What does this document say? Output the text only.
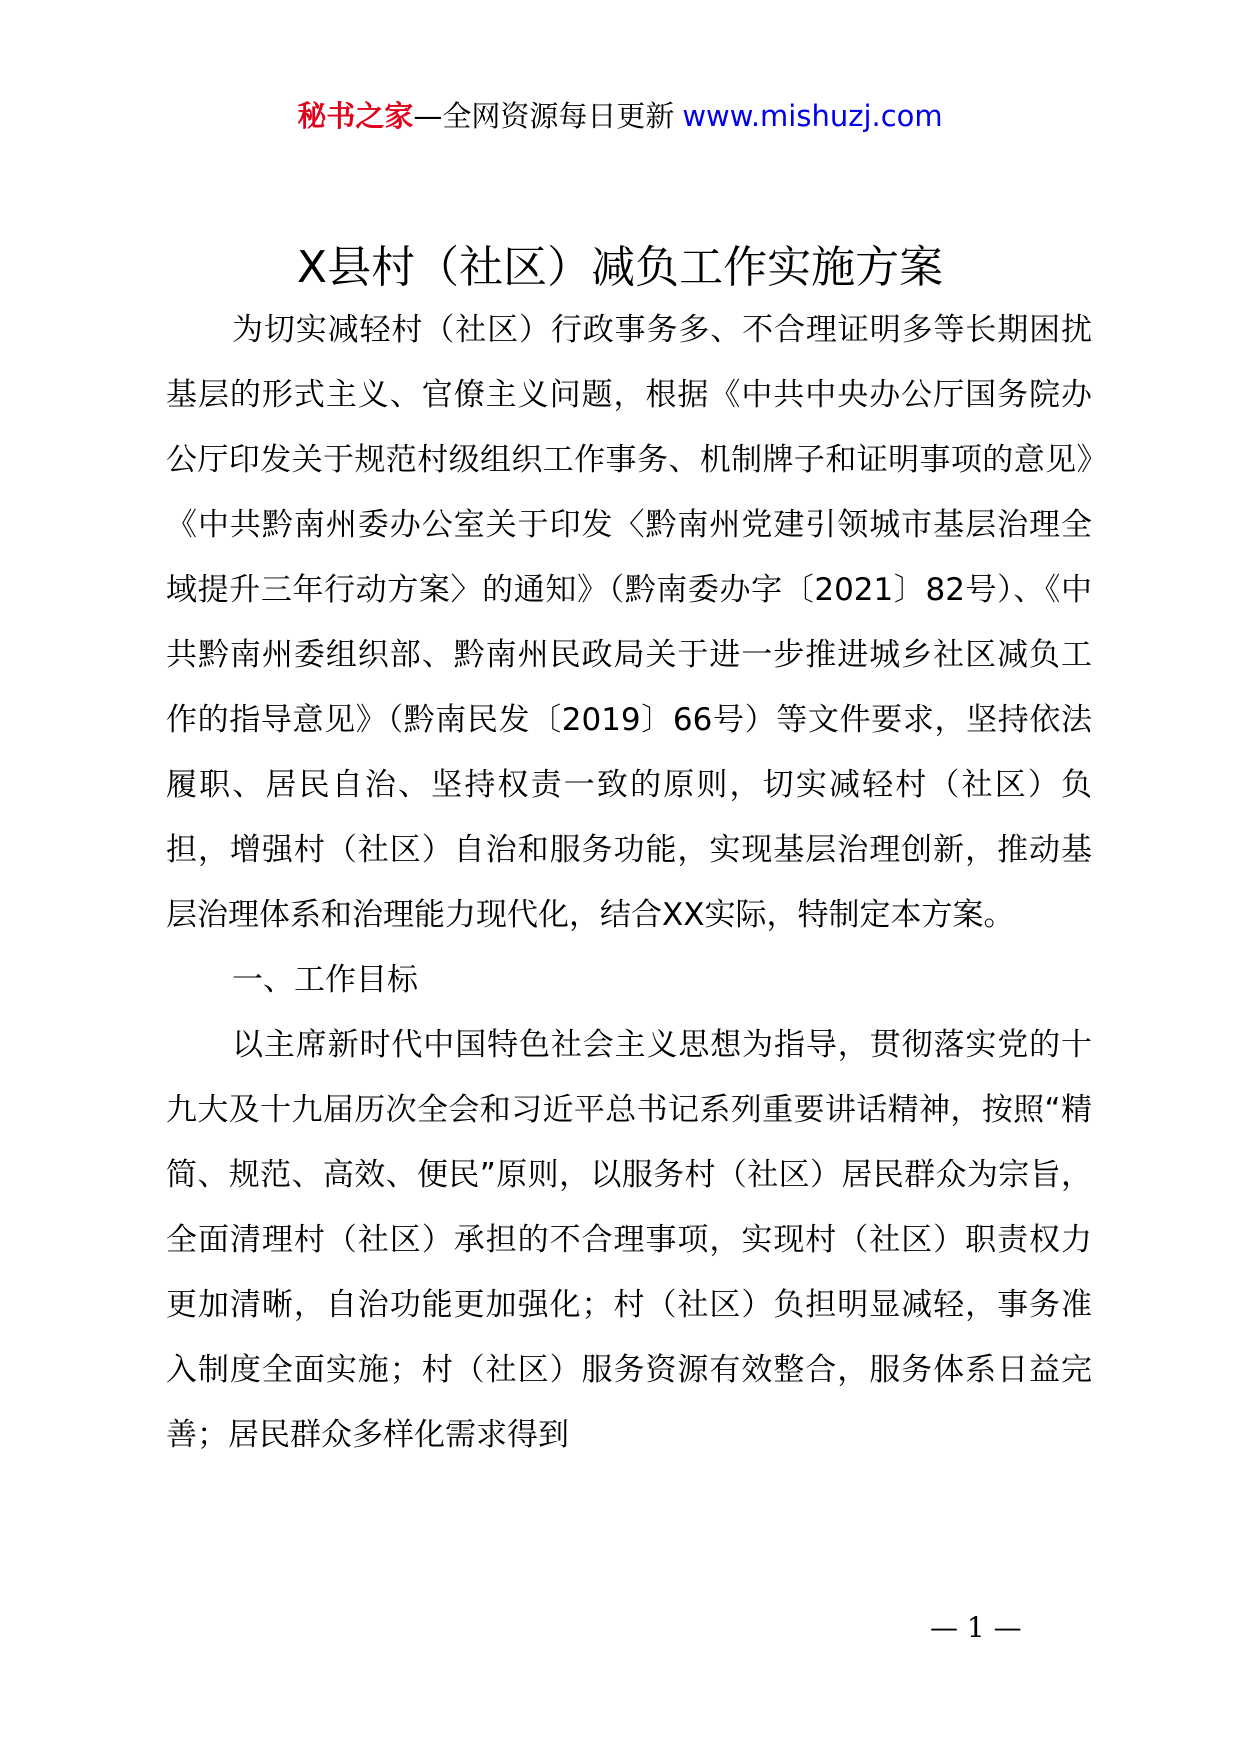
秘书之家—全网资源每日更新 www.mishuzj.com
X县村（社区）减负工作实施方案

为切实减轻村（社区）行政事务多、不合理证明多等长期困扰基层的形式主义、官僚主义问题，根据《中共中央办公厅国务院办公厅印发关于规范村级组织工作事务、机制牌子和证明事项的意见》《中共黔南州委办公室关于印发〈黔南州党建引领城市基层治理全域提升三年行动方案〉的通知》（黔南委办字〔2021〕82号）、《中共黔南州委组织部、黔南州民政局关于进一步推进城乡社区减负工作的指导意见》（黔南民发〔2019〕66号）等文件要求，坚持依法履职、居民自治、坚持权责一致的原则，切实减轻村（社区）负担，增强村（社区）自治和服务功能，实现基层治理创新，推动基层治理体系和治理能力现代化，结合XX实际，特制定本方案。

一、工作目标

以主席新时代中国特色社会主义思想为指导，贯彻落实党的十九大及十九届历次全会和习近平总书记系列重要讲话精神，按照“精简、规范、高效、便民”原则，以服务村（社区）居民群众为宗旨，全面清理村（社区）承担的不合理事项，实现村（社区）职责权力更加清晰，自治功能更加强化；村（社区）负担明显减轻，事务准入制度全面实施；村（社区）服务资源有效整合，服务体系日益完善；居民群众多样化需求得到

— 1 —
